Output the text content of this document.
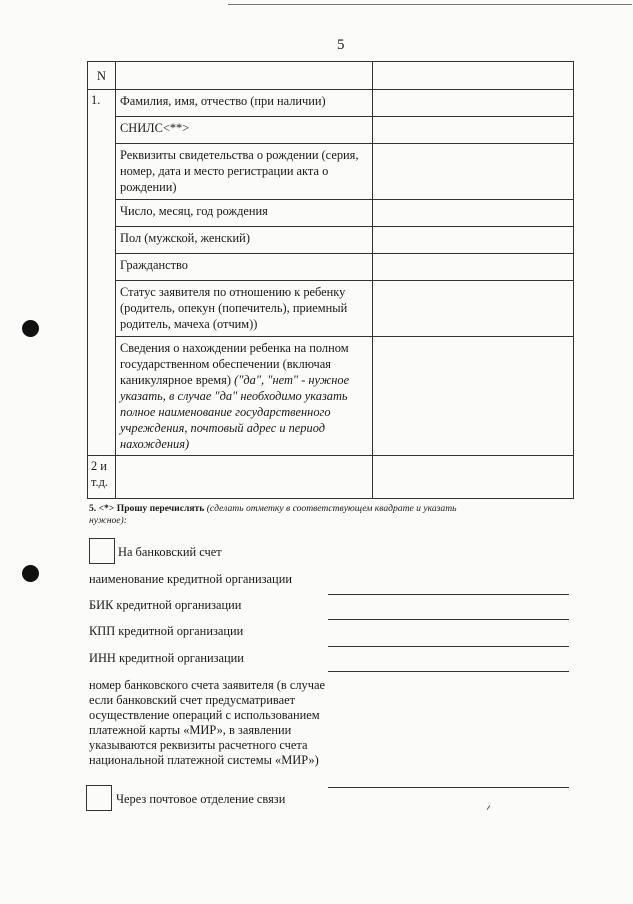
5
N		
1.	Фамилия, имя, отчество (при наличии)	
	СНИЛС<**>	
	Реквизиты свидетельства о рождении (серия, номер, дата и место регистрации акта о рождении)	
	Число, месяц, год рождения	
	Пол (мужской, женский)	
	Гражданство	
	Статус заявителя по отношению к ребенку (родитель, опекун (попечитель), приемный родитель, мачеха (отчим))	
	Сведения о нахождении ребенка на полном государственном обеспечении (включая каникулярное время) ("да", "нет" - нужное указать, в случае "да" необходимо указать полное наименование государственного учреждения, почтовый адрес и период нахождения)	
2 и т.д.		
5. <*> Прошу перечислять (сделать отметку в соответствующем квадрате и указать нужное):
На банковский счет
наименование кредитной организации
БИК кредитной организации
КПП кредитной организации
ИНН кредитной организации
номер банковского счета заявителя (в случае если банковский счет предусматривает осуществление операций с использованием платежной карты «МИР», в заявлении указываются реквизиты расчетного счета национальной платежной системы «МИР»)
Через почтовое отделение связи
